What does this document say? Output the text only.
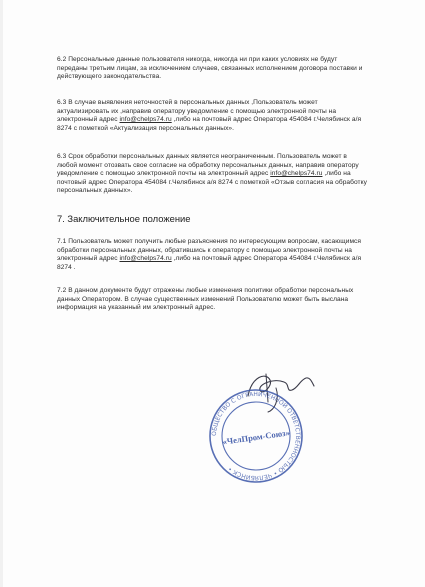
6.2 Персональные данные пользователя никогда, никогда ни при каких условиях не будут переданы третьим лицам, за исключением случаев, связанных исполнением договора поставки и действующего законодательства.

6.3 В случае выявления неточностей в персональных данных ,Пользователь может актуализировать их ,направив оператору уведомление с помощью электронной почты на электронный адрес info@chelps74.ru ,либо на почтовый адрес Оператора 454084 г.Челябинск а/я 8274 с пометкой «Актуализация персональных данных».

6.3 Срок обработки персональных данных является неограниченным. Пользователь может в любой момент отозвать свое согласие на обработку персональных данных, направив оператору уведомление с помощью электронной почты на электронный адрес info@chelps74.ru ,либо на почтовый адрес Оператора 454084 г.Челябинск а/я 8274 с пометкой «Отзыв согласия на обработку персональных данных».

7. Заключительное положение

7.1 Пользователь может получить любые разъяснения по интересующим вопросам, касающимся обработки персональных данных, обратившись к оператору с помощью электронной почты на электронный адрес info@chelps74.ru ,либо на почтовый адрес Оператора 454084 г.Челябинск а/я 8274 .

7.2 В данном документе будут отражены любые изменения политики обработки персональных данных Оператором. В случае существенных изменений Пользователю может быть выслана информация на указанный им электронный адрес.

ОБЩЕСТВО С ОГРАНИЧЕННОЙ ОТВЕТСТВЕННОСТЬЮ • ЧЕЛЯБИНСК •
«ЧелПром-Союз»
